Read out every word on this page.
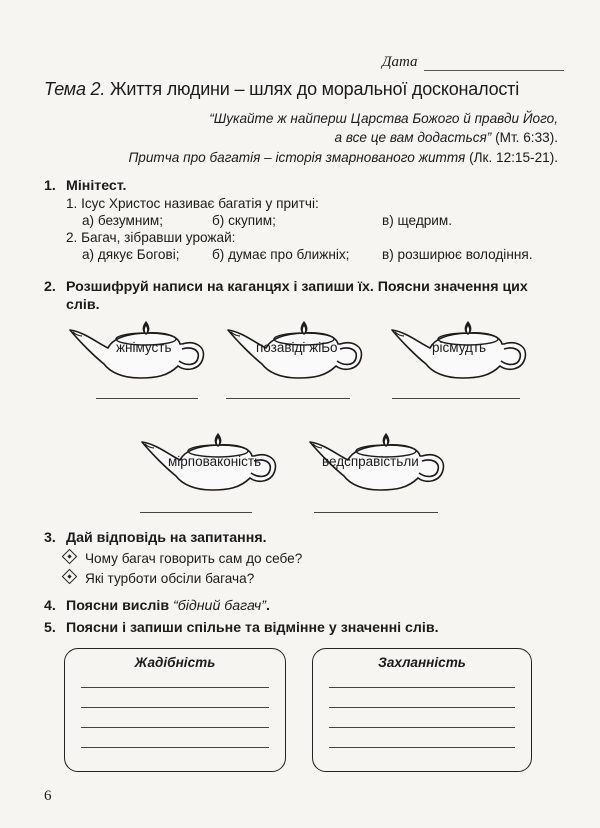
Дата
Тема 2. Життя людини – шлях до моральної досконалості
“Шукайте ж найперш Царства Божого й правди Його,
а все це вам додасться” (Мт. 6:33).
Притча про багатія – історія змарнованого життя (Лк. 12:15-21).
1. Мінітест.
1. Ісус Христос називає багатія у притчі:
а) безумним;	б) скупим;	в) щедрим.
2. Багач, зібравши урожай:
а) дякує Богові; б) думає про ближніх; в) розширює володіння.
2. Розшифруй написи на каганцях і запиши їх. Поясни значення цих
слів.
жнімусть	позавіді жіБо	рісмудть
мірповаконість	ведсправістьли
3. Дай відповідь на запитання.
Чому багач говорить сам до себе?
Які турботи обсіли багача?
4. Поясни вислів “бідний багач”.
5. Поясни і запиши спільне та відмінне у значенні слів.
Жадібність	Захланність
6
